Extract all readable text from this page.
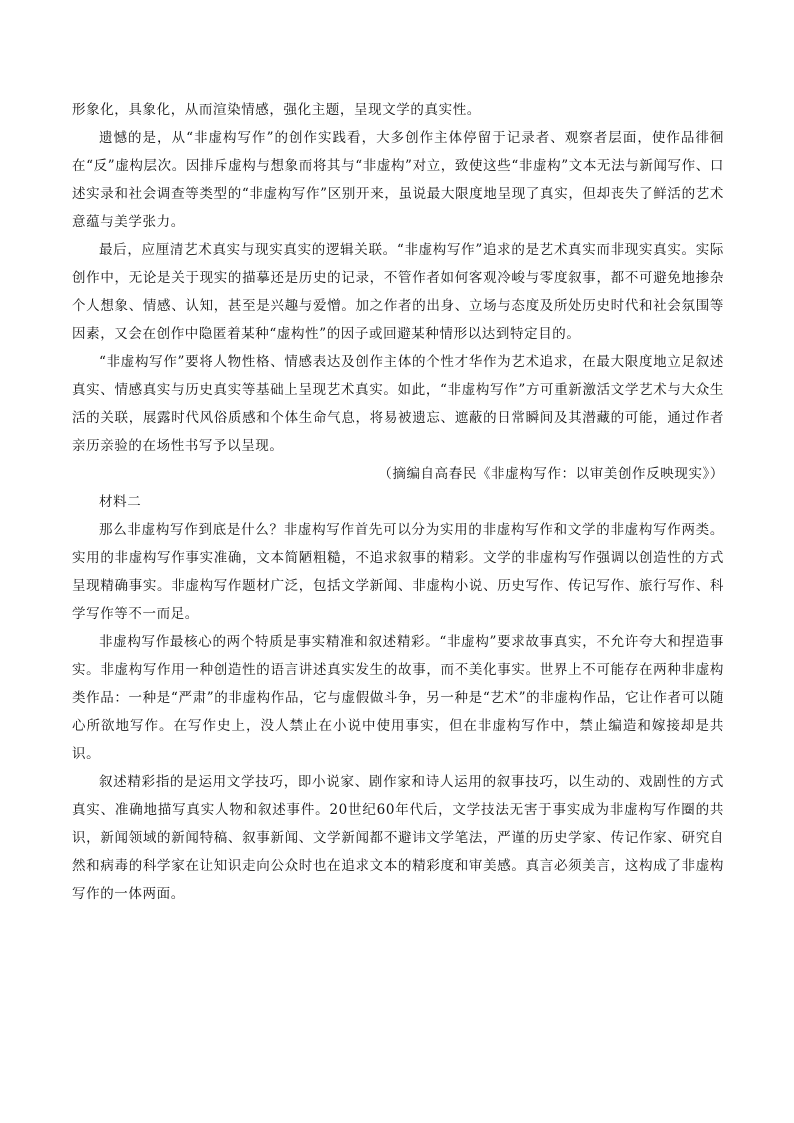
形象化，具象化，从而渲染情感，强化主题，呈现文学的真实性。

遗憾的是，从“非虚构写作”的创作实践看，大多创作主体停留于记录者、观察者层面，使作品徘徊在“反”虚构层次。因排斥虚构与想象而将其与“非虚构”对立，致使这些“非虚构”文本无法与新闻写作、口述实录和社会调查等类型的“非虚构写作”区别开来，虽说最大限度地呈现了真实，但却丧失了鲜活的艺术意蕴与美学张力。

最后，应厘清艺术真实与现实真实的逻辑关联。“非虚构写作”追求的是艺术真实而非现实真实。实际创作中，无论是关于现实的描摹还是历史的记录，不管作者如何客观冷峻与零度叙事，都不可避免地掺杂个人想象、情感、认知，甚至是兴趣与爱憎。加之作者的出身、立场与态度及所处历史时代和社会氛围等因素，又会在创作中隐匿着某种“虚构性”的因子或回避某种情形以达到特定目的。

“非虚构写作”要将人物性格、情感表达及创作主体的个性才华作为艺术追求，在最大限度地立足叙述真实、情感真实与历史真实等基础上呈现艺术真实。如此，“非虚构写作”方可重新激活文学艺术与大众生活的关联，展露时代风俗质感和个体生命气息，将易被遗忘、遮蔽的日常瞬间及其潜藏的可能，通过作者亲历亲验的在场性书写予以呈现。

（摘编自高春民《非虚构写作：以审美创作反映现实》）

材料二

那么非虚构写作到底是什么？非虚构写作首先可以分为实用的非虚构写作和文学的非虚构写作两类。实用的非虚构写作事实准确，文本简陋粗糙，不追求叙事的精彩。文学的非虚构写作强调以创造性的方式呈现精确事实。非虚构写作题材广泛，包括文学新闻、非虚构小说、历史写作、传记写作、旅行写作、科学写作等不一而足。

非虚构写作最核心的两个特质是事实精准和叙述精彩。“非虚构”要求故事真实，不允许夸大和捏造事实。非虚构写作用一种创造性的语言讲述真实发生的故事，而不美化事实。世界上不可能存在两种非虚构类作品：一种是“严肃”的非虚构作品，它与虚假做斗争，另一种是“艺术”的非虚构作品，它让作者可以随心所欲地写作。在写作史上，没人禁止在小说中使用事实，但在非虚构写作中，禁止编造和嫁接却是共识。

叙述精彩指的是运用文学技巧，即小说家、剧作家和诗人运用的叙事技巧，以生动的、戏剧性的方式真实、准确地描写真实人物和叙述事件。20世纪60年代后，文学技法无害于事实成为非虚构写作圈的共识，新闻领域的新闻特稿、叙事新闻、文学新闻都不避讳文学笔法，严谨的历史学家、传记作家、研究自然和病毒的科学家在让知识走向公众时也在追求文本的精彩度和审美感。真言必须美言，这构成了非虚构写作的一体两面。
